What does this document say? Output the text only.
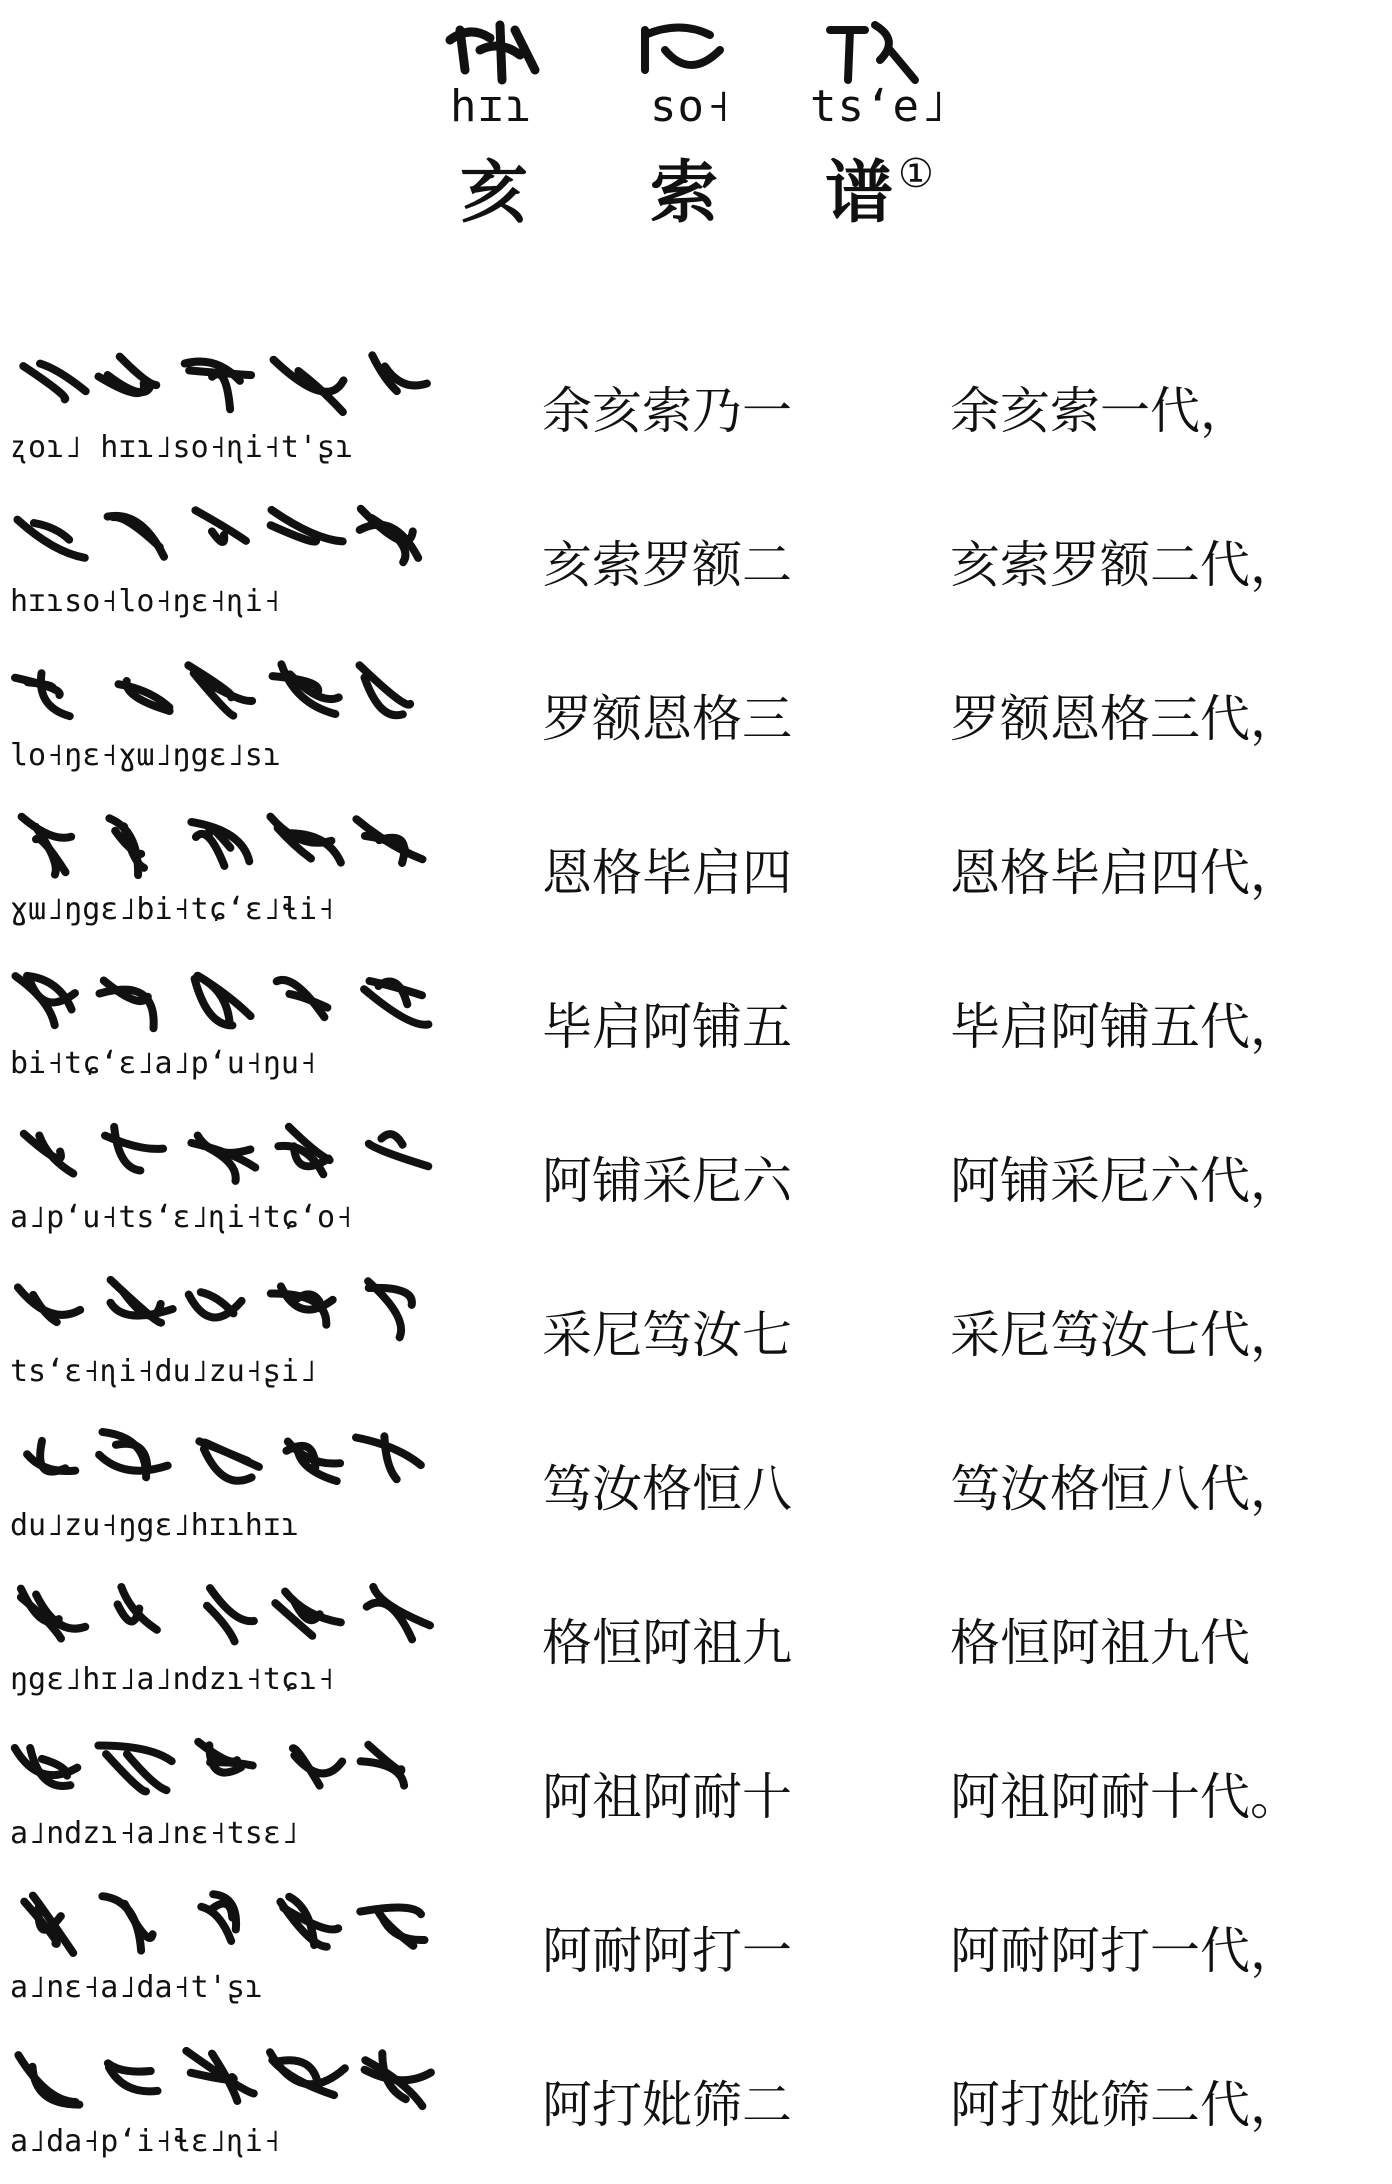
hɪɿ	so˧ tsʻe˩
亥 索 谱 ①
ʐoɿ˩ hɪɿ˩so˧ɳi˧t'ʂɿ
余亥索乃一	余亥索一代，
hɪɿso˧lo˧ŋɛ˧ɳi˧
亥索罗额二	亥索罗额二代，
lo˧ŋɛ˧ɣɯ˩ŋgɛ˩sɿ
罗额恩格三	罗额恩格三代，
ɣɯ˩ŋgɛ˩bi˧tɕʻɛ˩ɬi˧
恩格毕启四	恩格毕启四代，
bi˧tɕʻɛ˩a˩pʻu˧ŋu˧
毕启阿铺五	毕启阿铺五代，
a˩pʻu˧tsʻɛ˩ɳi˧tɕʻo˧
阿铺采尼六	阿铺采尼六代，
tsʻɛ˧ɳi˧du˩zu˧ʂi˩
采尼笃汝七	采尼笃汝七代，
du˩zu˧ŋgɛ˩hɪɿhɪɿ
笃汝格恒八	笃汝格恒八代，
ŋgɛ˩hɪ˩a˩ndzɿ˧tɕɿ˧
格恒阿祖九	格恒阿祖九代
a˩ndzɿ˧a˩nɛ˧tsɛ˩
阿祖阿耐十	阿祖阿耐十代。
a˩nɛ˧a˩da˧t'ʂɿ
阿耐阿打一	阿耐阿打一代，
a˩da˧pʻi˧ɬɛ˩ɳi˧
阿打妣筛二	阿打妣筛二代，
